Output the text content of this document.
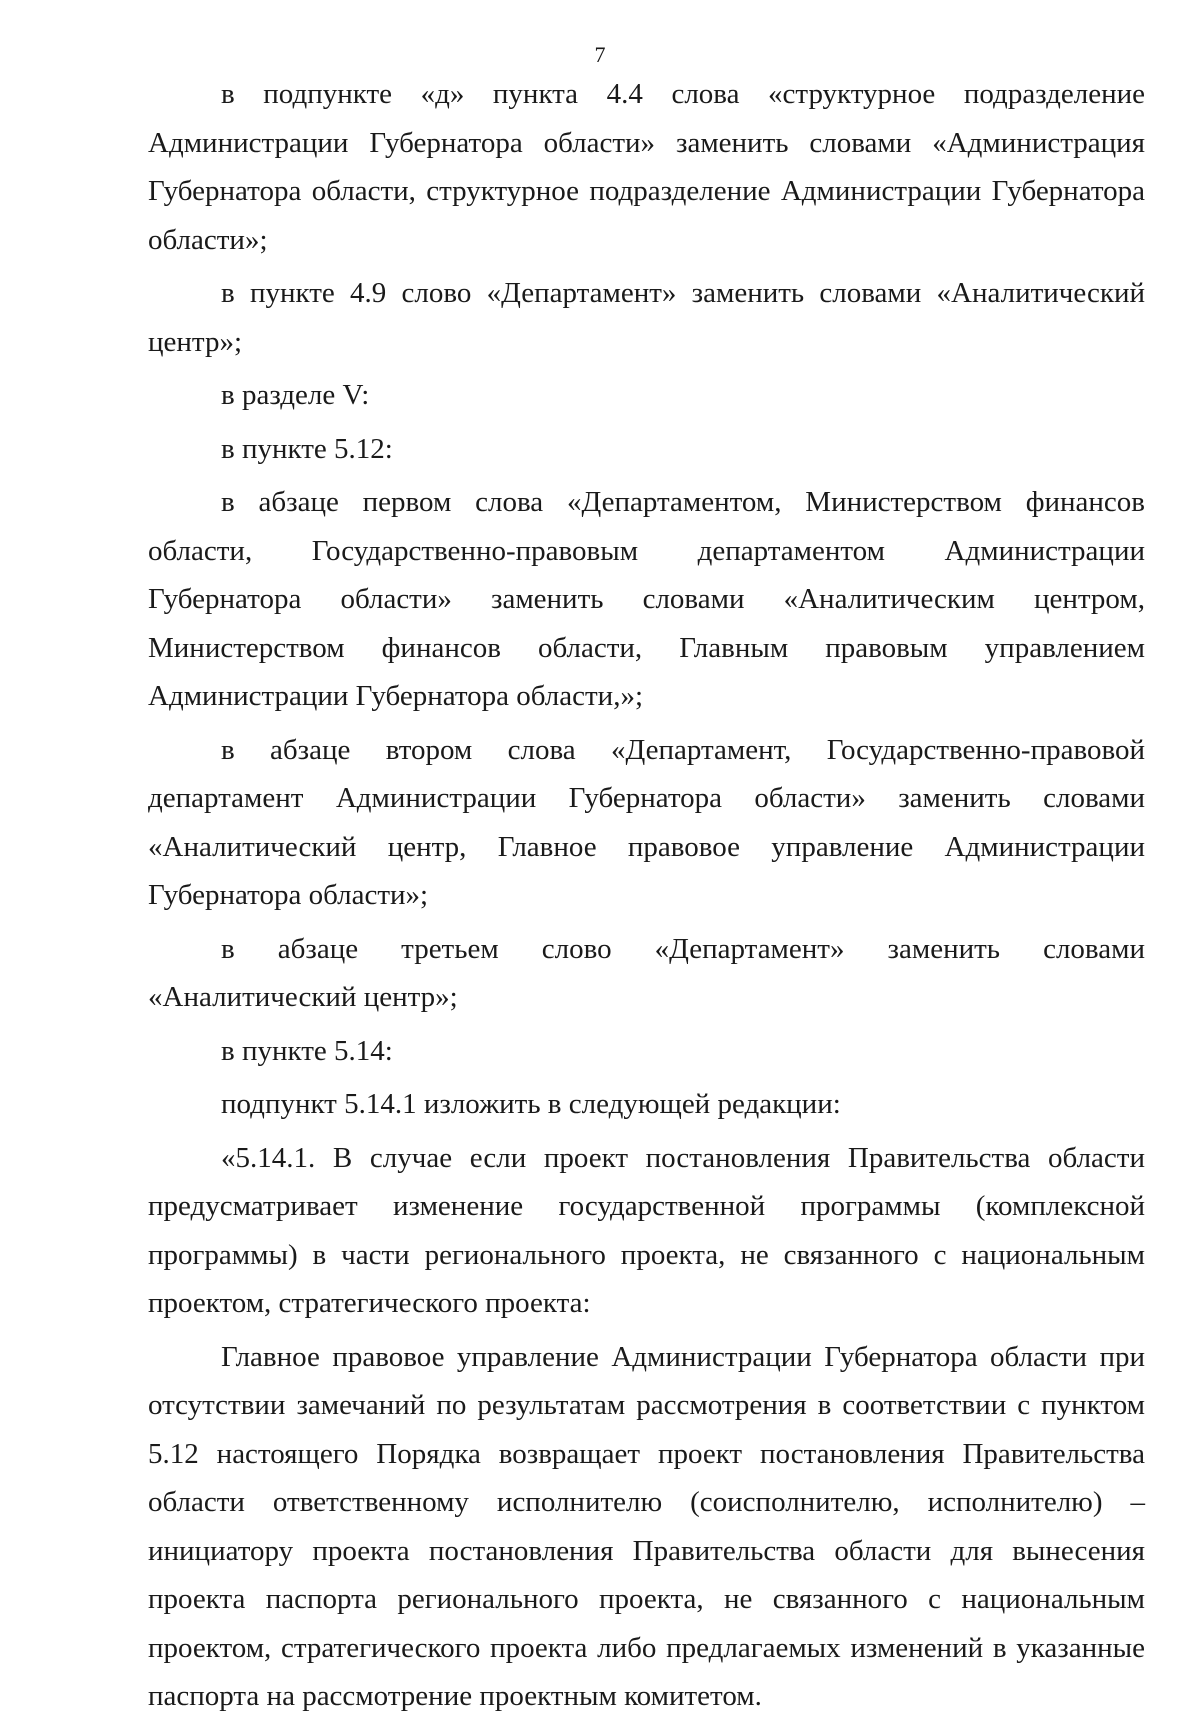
7

в подпункте «д» пункта 4.4 слова «структурное подразделение Администрации Губернатора области» заменить словами «Администрация Губернатора области, структурное подразделение Администрации Губернатора области»;

в пункте 4.9 слово «Департамент» заменить словами «Аналитический центр»;

в разделе V:

в пункте 5.12:

в абзаце первом слова «Департаментом, Министерством финансов области, Государственно-правовым департаментом Администрации Губернатора области» заменить словами «Аналитическим центром, Министерством финансов области, Главным правовым управлением Администрации Губернатора области,»;

в абзаце втором слова «Департамент, Государственно-правовой департамент Администрации Губернатора области» заменить словами «Аналитический центр, Главное правовое управление Администрации Губернатора области»;

в абзаце третьем слово «Департамент» заменить словами «Аналитический центр»;

в пункте 5.14:

подпункт 5.14.1 изложить в следующей редакции:

«5.14.1. В случае если проект постановления Правительства области предусматривает изменение государственной программы (комплексной программы) в части регионального проекта, не связанного с национальным проектом, стратегического проекта:

Главное правовое управление Администрации Губернатора области при отсутствии замечаний по результатам рассмотрения в соответствии с пунктом 5.12 настоящего Порядка возвращает проект постановления Правительства области ответственному исполнителю (соисполнителю, исполнителю) – инициатору проекта постановления Правительства области для вынесения проекта паспорта регионального проекта, не связанного с национальным проектом, стратегического проекта либо предлагаемых изменений в указанные паспорта на рассмотрение проектным комитетом.
